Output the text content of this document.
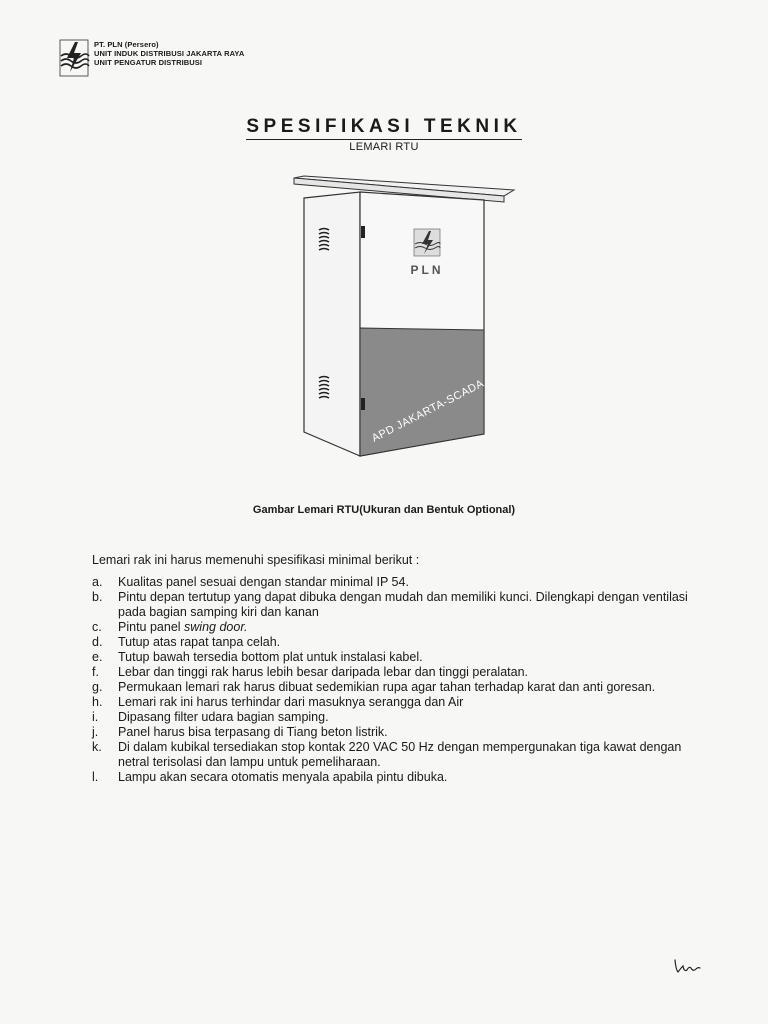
PT. PLN (Persero)
UNIT INDUK DISTRIBUSI JAKARTA RAYA
UNIT PENGATUR DISTRIBUSI
SPESIFIKASI TEKNIK
LEMARI RTU
PLN
APD JAKARTA-SCADA
Gambar Lemari RTU(Ukuran dan Bentuk Optional)
Lemari rak ini harus memenuhi spesifikasi minimal berikut :
a.	Kualitas panel sesuai dengan standar minimal IP 54.
b.	Pintu depan tertutup yang dapat dibuka dengan mudah dan memiliki kunci. Dilengkapi dengan ventilasi pada bagian samping kiri dan kanan
c.	Pintu panel swing door.
d.	Tutup atas rapat tanpa celah.
e.	Tutup bawah tersedia bottom plat untuk instalasi kabel.
f.	Lebar dan tinggi rak harus lebih besar daripada lebar dan tinggi peralatan.
g.	Permukaan lemari rak harus dibuat sedemikian rupa agar tahan terhadap karat dan anti goresan.
h.	Lemari rak ini harus terhindar dari masuknya serangga dan Air
i.	Dipasang filter udara bagian samping.
j.	Panel harus bisa terpasang di Tiang beton listrik.
k.	Di dalam kubikal tersediakan stop kontak 220 VAC 50 Hz dengan mempergunakan tiga kawat dengan netral terisolasi dan lampu untuk pemeliharaan.
l.	Lampu akan secara otomatis menyala apabila pintu dibuka.
